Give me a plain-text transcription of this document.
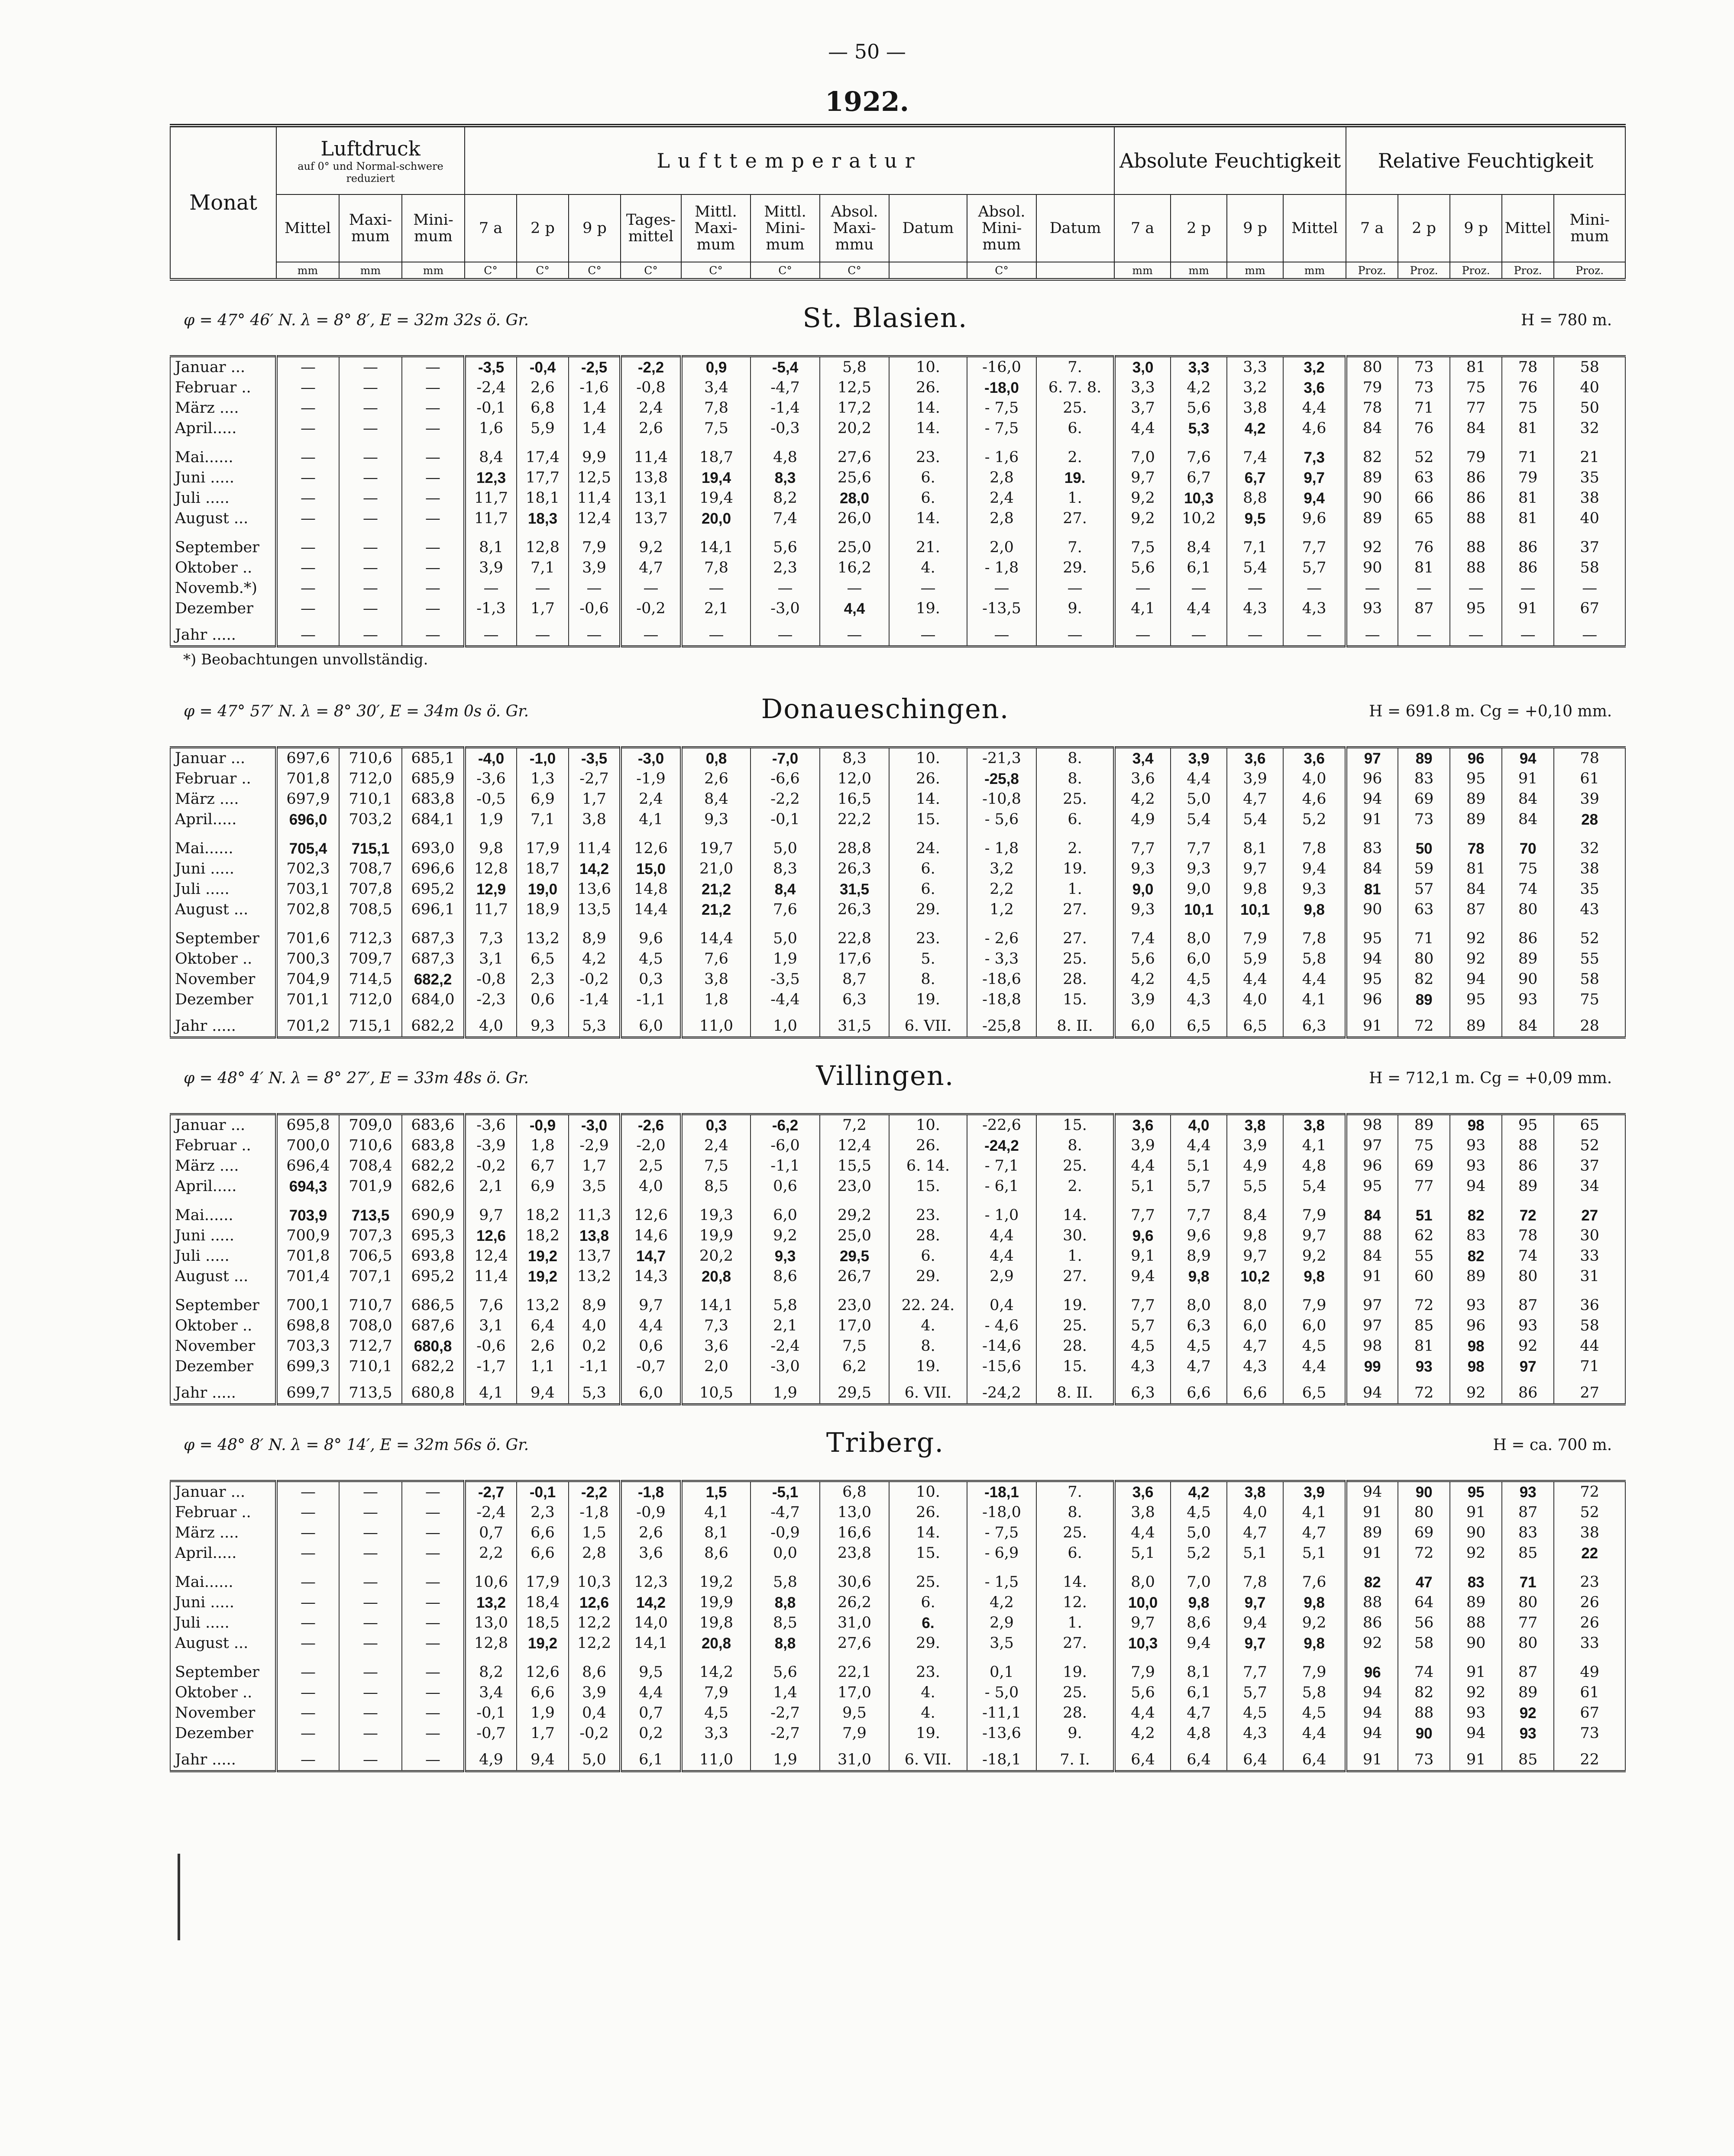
— 50 —
1922.
Monat	Luftdruck
auf 0° und Normal-schwere reduziert			Lufttemperatur										Absolute Feuchtigkeit				Relative Feuchtigkeit				
	Mittel	Maxi-mum	Mini-mum	7 a	2 p	9 p	Tages-mittel	Mittl. Maxi-mum	Mittl. Mini-mum	Absol. Maxi-mmu	Datum	Absol. Mini-mum	Datum	7 a	2 p	9 p	Mittel	7 a	2 p	9 p	Mittel	Mini-mum
	mm	mm	mm	C°	C°	C°	C°	C°	C°	C°		C°		mm	mm	mm	mm	Proz.	Proz.	Proz.	Proz.	Proz.

φ = 47° 46′ N. λ = 8° 8′, E = 32m 32s ö. Gr. St. Blasien. H = 780 m.																						

Januar ...	—	—	—	-3,5	-0,4	-2,5	-2,2	0,9	-5,4	5,8	10.	-16,0	7.	3,0	3,3	3,3	3,2	80	73	81	78	58
Februar ..	—	—	—	-2,4	2,6	-1,6	-0,8	3,4	-4,7	12,5	26.	-18,0	6. 7. 8.	3,3	4,2	3,2	3,6	79	73	75	76	40
März ....	—	—	—	-0,1	6,8	1,4	2,4	7,8	-1,4	17,2	14.	- 7,5	25.	3,7	5,6	3,8	4,4	78	71	77	75	50
April.....	—	—	—	1,6	5,9	1,4	2,6	7,5	-0,3	20,2	14.	- 7,5	6.	4,4	5,3	4,2	4,6	84	76	84	81	32
Mai......	—	—	—	8,4	17,4	9,9	11,4	18,7	4,8	27,6	23.	- 1,6	2.	7,0	7,6	7,4	7,3	82	52	79	71	21
Juni .....	—	—	—	12,3	17,7	12,5	13,8	19,4	8,3	25,6	6.	2,8	19.	9,7	6,7	6,7	9,7	89	63	86	79	35
Juli .....	—	—	—	11,7	18,1	11,4	13,1	19,4	8,2	28,0	6.	2,4	1.	9,2	10,3	8,8	9,4	90	66	86	81	38
August ...	—	—	—	11,7	18,3	12,4	13,7	20,0	7,4	26,0	14.	2,8	27.	9,2	10,2	9,5	9,6	89	65	88	81	40
September	—	—	—	8,1	12,8	7,9	9,2	14,1	5,6	25,0	21.	2,0	7.	7,5	8,4	7,1	7,7	92	76	88	86	37
Oktober ..	—	—	—	3,9	7,1	3,9	4,7	7,8	2,3	16,2	4.	- 1,8	29.	5,6	6,1	5,4	5,7	90	81	88	86	58
Novemb.*)	—	—	—	—	—	—	—	—	—	—	—	—	—	—	—	—	—	—	—	—	—	—
Dezember	—	—	—	-1,3	1,7	-0,6	-0,2	2,1	-3,0	4,4	19.	-13,5	9.	4,1	4,4	4,3	4,3	93	87	95	91	67
Jahr .....	—	—	—	—	—	—	—	—	—	—	—	—	—	—	—	—	—	—	—	—	—	—
*) Beobachtungen unvollständig.																						

φ = 47° 57′ N. λ = 8° 30′, E = 34m 0s ö. Gr. Donaueschingen. H = 691.8 m. Cg = +0,10 mm.																						

Januar ...	697,6	710,6	685,1	-4,0	-1,0	-3,5	-3,0	0,8	-7,0	8,3	10.	-21,3	8.	3,4	3,9	3,6	3,6	97	89	96	94	78
Februar ..	701,8	712,0	685,9	-3,6	1,3	-2,7	-1,9	2,6	-6,6	12,0	26.	-25,8	8.	3,6	4,4	3,9	4,0	96	83	95	91	61
März ....	697,9	710,1	683,8	-0,5	6,9	1,7	2,4	8,4	-2,2	16,5	14.	-10,8	25.	4,2	5,0	4,7	4,6	94	69	89	84	39
April.....	696,0	703,2	684,1	1,9	7,1	3,8	4,1	9,3	-0,1	22,2	15.	- 5,6	6.	4,9	5,4	5,4	5,2	91	73	89	84	28
Mai......	705,4	715,1	693,0	9,8	17,9	11,4	12,6	19,7	5,0	28,8	24.	- 1,8	2.	7,7	7,7	8,1	7,8	83	50	78	70	32
Juni .....	702,3	708,7	696,6	12,8	18,7	14,2	15,0	21,0	8,3	26,3	6.	3,2	19.	9,3	9,3	9,7	9,4	84	59	81	75	38
Juli .....	703,1	707,8	695,2	12,9	19,0	13,6	14,8	21,2	8,4	31,5	6.	2,2	1.	9,0	9,0	9,8	9,3	81	57	84	74	35
August ...	702,8	708,5	696,1	11,7	18,9	13,5	14,4	21,2	7,6	26,3	29.	1,2	27.	9,3	10,1	10,1	9,8	90	63	87	80	43
September	701,6	712,3	687,3	7,3	13,2	8,9	9,6	14,4	5,0	22,8	23.	- 2,6	27.	7,4	8,0	7,9	7,8	95	71	92	86	52
Oktober ..	700,3	709,7	687,3	3,1	6,5	4,2	4,5	7,6	1,9	17,6	5.	- 3,3	25.	5,6	6,0	5,9	5,8	94	80	92	89	55
November	704,9	714,5	682,2	-0,8	2,3	-0,2	0,3	3,8	-3,5	8,7	8.	-18,6	28.	4,2	4,5	4,4	4,4	95	82	94	90	58
Dezember	701,1	712,0	684,0	-2,3	0,6	-1,4	-1,1	1,8	-4,4	6,3	19.	-18,8	15.	3,9	4,3	4,0	4,1	96	89	95	93	75
Jahr .....	701,2	715,1	682,2	4,0	9,3	5,3	6,0	11,0	1,0	31,5	6. VII.	-25,8	8. II.	6,0	6,5	6,5	6,3	91	72	89	84	28

φ = 48° 4′ N. λ = 8° 27′, E = 33m 48s ö. Gr. Villingen. H = 712,1 m. Cg = +0,09 mm.																						

Januar ...	695,8	709,0	683,6	-3,6	-0,9	-3,0	-2,6	0,3	-6,2	7,2	10.	-22,6	15.	3,6	4,0	3,8	3,8	98	89	98	95	65
Februar ..	700,0	710,6	683,8	-3,9	1,8	-2,9	-2,0	2,4	-6,0	12,4	26.	-24,2	8.	3,9	4,4	3,9	4,1	97	75	93	88	52
März ....	696,4	708,4	682,2	-0,2	6,7	1,7	2,5	7,5	-1,1	15,5	6. 14.	- 7,1	25.	4,4	5,1	4,9	4,8	96	69	93	86	37
April.....	694,3	701,9	682,6	2,1	6,9	3,5	4,0	8,5	0,6	23,0	15.	- 6,1	2.	5,1	5,7	5,5	5,4	95	77	94	89	34
Mai......	703,9	713,5	690,9	9,7	18,2	11,3	12,6	19,3	6,0	29,2	23.	- 1,0	14.	7,7	7,7	8,4	7,9	84	51	82	72	27
Juni .....	700,9	707,3	695,3	12,6	18,2	13,8	14,6	19,9	9,2	25,0	28.	4,4	30.	9,6	9,6	9,8	9,7	88	62	83	78	30
Juli .....	701,8	706,5	693,8	12,4	19,2	13,7	14,7	20,2	9,3	29,5	6.	4,4	1.	9,1	8,9	9,7	9,2	84	55	82	74	33
August ...	701,4	707,1	695,2	11,4	19,2	13,2	14,3	20,8	8,6	26,7	29.	2,9	27.	9,4	9,8	10,2	9,8	91	60	89	80	31
September	700,1	710,7	686,5	7,6	13,2	8,9	9,7	14,1	5,8	23,0	22. 24.	0,4	19.	7,7	8,0	8,0	7,9	97	72	93	87	36
Oktober ..	698,8	708,0	687,6	3,1	6,4	4,0	4,4	7,3	2,1	17,0	4.	- 4,6	25.	5,7	6,3	6,0	6,0	97	85	96	93	58
November	703,3	712,7	680,8	-0,6	2,6	0,2	0,6	3,6	-2,4	7,5	8.	-14,6	28.	4,5	4,5	4,7	4,5	98	81	98	92	44
Dezember	699,3	710,1	682,2	-1,7	1,1	-1,1	-0,7	2,0	-3,0	6,2	19.	-15,6	15.	4,3	4,7	4,3	4,4	99	93	98	97	71
Jahr .....	699,7	713,5	680,8	4,1	9,4	5,3	6,0	10,5	1,9	29,5	6. VII.	-24,2	8. II.	6,3	6,6	6,6	6,5	94	72	92	86	27

φ = 48° 8′ N. λ = 8° 14′, E = 32m 56s ö. Gr. Triberg. H = ca. 700 m.																						

Januar ...	—	—	—	-2,7	-0,1	-2,2	-1,8	1,5	-5,1	6,8	10.	-18,1	7.	3,6	4,2	3,8	3,9	94	90	95	93	72
Februar ..	—	—	—	-2,4	2,3	-1,8	-0,9	4,1	-4,7	13,0	26.	-18,0	8.	3,8	4,5	4,0	4,1	91	80	91	87	52
März ....	—	—	—	0,7	6,6	1,5	2,6	8,1	-0,9	16,6	14.	- 7,5	25.	4,4	5,0	4,7	4,7	89	69	90	83	38
April.....	—	—	—	2,2	6,6	2,8	3,6	8,6	0,0	23,8	15.	- 6,9	6.	5,1	5,2	5,1	5,1	91	72	92	85	22
Mai......	—	—	—	10,6	17,9	10,3	12,3	19,2	5,8	30,6	25.	- 1,5	14.	8,0	7,0	7,8	7,6	82	47	83	71	23
Juni .....	—	—	—	13,2	18,4	12,6	14,2	19,9	8,8	26,2	6.	4,2	12.	10,0	9,8	9,7	9,8	88	64	89	80	26
Juli .....	—	—	—	13,0	18,5	12,2	14,0	19,8	8,5	31,0	6.	2,9	1.	9,7	8,6	9,4	9,2	86	56	88	77	26
August ...	—	—	—	12,8	19,2	12,2	14,1	20,8	8,8	27,6	29.	3,5	27.	10,3	9,4	9,7	9,8	92	58	90	80	33
September	—	—	—	8,2	12,6	8,6	9,5	14,2	5,6	22,1	23.	0,1	19.	7,9	8,1	7,7	7,9	96	74	91	87	49
Oktober ..	—	—	—	3,4	6,6	3,9	4,4	7,9	1,4	17,0	4.	- 5,0	25.	5,6	6,1	5,7	5,8	94	82	92	89	61
November	—	—	—	-0,1	1,9	0,4	0,7	4,5	-2,7	9,5	4.	-11,1	28.	4,4	4,7	4,5	4,5	94	88	93	92	67
Dezember	—	—	—	-0,7	1,7	-0,2	0,2	3,3	-2,7	7,9	19.	-13,6	9.	4,2	4,8	4,3	4,4	94	90	94	93	73
Jahr .....	—	—	—	4,9	9,4	5,0	6,1	11,0	1,9	31,0	6. VII.	-18,1	7. I.	6,4	6,4	6,4	6,4	91	73	91	85	22
